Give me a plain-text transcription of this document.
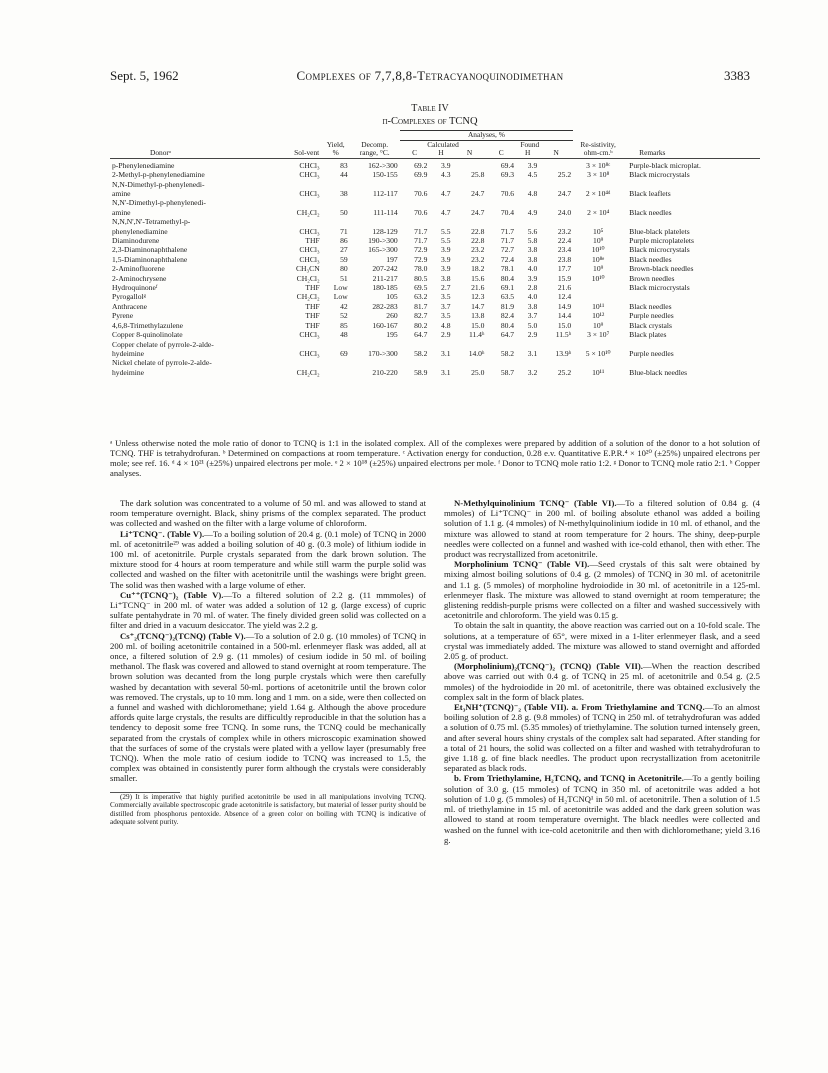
Sept. 5, 1962	Complexes of 7,7,8,8-Tetracyanoquinodimethan	3383
Table IV
π-Complexes of TCNQ
Donorᵃ	Sol-vent	Yield, %	Decomp. range, °C.	Analyses, %						Re-sistivity, ohm-cm.ᵇ	Remarks
				Calculated			Found				
				C	H	N	C	H	N		

p-Phenylenediamine	CHCl₃	83	162->300	69.2	3.9		69.4	3.9		3 × 10⁸ᶜ	Purple-black microplat.
2-Methyl-p-phenylenediamine	CHCl₃	44	150-155	69.9	4.3	25.8	69.3	4.5	25.2	3 × 10⁸	Black microcrystals
N,N-Dimethyl-p-phenylenedi-											
amine	CHCl₃	38	112-117	70.6	4.7	24.7	70.6	4.8	24.7	2 × 10⁴ᵈ	Black leaflets
N,N'-Dimethyl-p-phenylenedi-											
amine	CH₂Cl₂	50	111-114	70.6	4.7	24.7	70.4	4.9	24.0	2 × 10⁴	Black needles
N,N,N',N'-Tetramethyl-p-											
phenylenediamine	CHCl₃	71	128-129	71.7	5.5	22.8	71.7	5.6	23.2	10⁵	Blue-black platelets
Diaminodurene	THF	86	190->300	71.7	5.5	22.8	71.7	5.8	22.4	10⁹	Purple microplatelets
2,3-Diaminonaphthalene	CHCl₃	27	165->300	72.9	3.9	23.2	72.7	3.8	23.4	10¹⁰	Black microcrystals
1,5-Diaminonaphthalene	CHCl₃	59	197	72.9	3.9	23.2	72.4	3.8	23.8	10⁸ᵉ	Black needles
2-Aminofluorene	CH₃CN	80	207-242	78.0	3.9	18.2	78.1	4.0	17.7	10⁹	Brown-black needles
2-Aminochrysene	CH₂Cl₂	51	211-217	80.5	3.8	15.6	80.4	3.9	15.9	10¹⁰	Brown needles
Hydroquinoneᶠ	THF	Low	180-185	69.5	2.7	21.6	69.1	2.8	21.6		Black microcrystals
Pyrogallolᵍ	CH₂Cl₂	Low	105	63.2	3.5	12.3	63.5	4.0	12.4		
Anthracene	THF	42	282-283	81.7	3.7	14.7	81.9	3.8	14.9	10¹¹	Black needles
Pyrene	THF	52	260	82.7	3.5	13.8	82.4	3.7	14.4	10¹²	Purple needles
4,6,8-Trimethylazulene	THF	85	160-167	80.2	4.8	15.0	80.4	5.0	15.0	10⁹	Black crystals
Copper 8-quinolinolate	CHCl₃	48	195	64.7	2.9	11.4ʰ	64.7	2.9	11.5ʰ	3 × 10⁷	Black plates
Copper chelate of pyrrole-2-alde-											
hydeimine	CHCl₃	69	170->300	58.2	3.1	14.0ʰ	58.2	3.1	13.9ʰ	5 × 10¹⁰	Purple needles
Nickel chelate of pyrrole-2-alde-											
hydeimine	CH₂Cl₂		210-220	58.9	3.1	25.0	58.7	3.2	25.2	10¹¹	Blue-black needles
ᵃ Unless otherwise noted the mole ratio of donor to TCNQ is 1:1 in the isolated complex. All of the complexes were prepared by addition of a solution of the donor to a hot solution of TCNQ. THF is tetrahydrofuran. ᵇ Determined on compactions at room temperature. ᶜ Activation energy for conduction, 0.28 e.v. Quantitative E.P.R.⁴ × 10²⁰ (±25%) unpaired electrons per mole; see ref. 16. ᵈ 4 × 10²¹ (±25%) unpaired electrons per mole. ᵉ 2 × 10¹⁸ (±25%) unpaired electrons per mole. ᶠ Donor to TCNQ mole ratio 1:2. ᵍ Donor to TCNQ mole ratio 2:1. ʰ Copper analyses.

The dark solution was concentrated to a volume of 50 ml. and was allowed to stand at room temperature overnight. Black, shiny prisms of the complex separated. The product was collected and washed on the filter with a large volume of chloroform.

Li⁺TCNQ⁻. (Table V).—To a boiling solution of 20.4 g. (0.1 mole) of TCNQ in 2000 ml. of acetonitrile²⁹ was added a boiling solution of 40 g. (0.3 mole) of lithium iodide in 100 ml. of acetonitrile. Purple crystals separated from the dark brown solution. The mixture stood for 4 hours at room temperature and while still warm the purple solid was collected and washed on the filter with acetonitrile until the washings were bright green. The solid was then washed with a large volume of ether.

Cu⁺⁺(TCNQ⁻)₂ (Table V).—To a filtered solution of 2.2 g. (11 mmmoles) of Li⁺TCNQ⁻ in 200 ml. of water was added a solution of 12 g. (large excess) of cupric sulfate pentahydrate in 70 ml. of water. The finely divided green solid was collected on a filter and dried in a vacuum desiccator. The yield was 2.2 g.

Cs⁺₂(TCNQ⁻)₂(TCNQ) (Table V).—To a solution of 2.0 g. (10 mmoles) of TCNQ in 200 ml. of boiling acetonitrile contained in a 500-ml. erlenmeyer flask was added, all at once, a filtered solution of 2.9 g. (11 mmoles) of cesium iodide in 50 ml. of boiling methanol. The flask was covered and allowed to stand overnight at room temperature. The brown solution was decanted from the long purple crystals which were then carefully washed by decantation with several 50-ml. portions of acetonitrile until the brown color was removed. The crystals, up to 10 mm. long and 1 mm. on a side, were then collected on a funnel and washed with dichloromethane; yield 1.64 g. Although the above procedure affords quite large crystals, the results are difficultly reproducible in that the solution has a tendency to deposit some free TCNQ. In some runs, the TCNQ could be mechanically separated from the crystals of complex while in others microscopic examination showed that the surfaces of some of the crystals were plated with a yellow layer (presumably free TCNQ). When the mole ratio of cesium iodide to TCNQ was increased to 1.5, the complex was obtained in consistently purer form although the crystals were considerably smaller.

(29) It is imperative that highly purified acetonitrile be used in all manipulations involving TCNQ. Commercially available spectroscopic grade acetonitrile is satisfactory, but material of lesser purity should be distilled from phosphorus pentoxide. Absence of a green color on boiling with TCNQ is indicative of adequate solvent purity.

N-Methylquinolinium TCNQ⁻ (Table VI).—To a filtered solution of 0.84 g. (4 mmoles) of Li⁺TCNQ⁻ in 200 ml. of boiling absolute ethanol was added a boiling solution of 1.1 g. (4 mmoles) of N-methylquinolinium iodide in 10 ml. of ethanol, and the mixture was allowed to stand at room temperature for 2 hours. The shiny, deep-purple needles were collected on a funnel and washed with ice-cold ethanol, then with ether. The product was recrystallized from acetonitrile.

Morpholinium TCNQ⁻ (Table VI).—Seed crystals of this salt were obtained by mixing almost boiling solutions of 0.4 g. (2 mmoles) of TCNQ in 30 ml. of acetonitrile and 1.1 g. (5 mmoles) of morpholine hydroiodide in 30 ml. of acetonitrile in a 125-ml. erlenmeyer flask. The mixture was allowed to stand overnight at room temperature; the glistening reddish-purple prisms were collected on a filter and washed successively with acetonitrile and chloroform. The yield was 0.15 g.

To obtain the salt in quantity, the above reaction was carried out on a 10-fold scale. The solutions, at a temperature of 65°, were mixed in a 1-liter erlenmeyer flask, and a seed crystal was immediately added. The mixture was allowed to stand overnight and afforded 2.05 g. of product.

(Morpholinium)₂(TCNQ⁻)₂ (TCNQ) (Table VII).—When the reaction described above was carried out with 0.4 g. of TCNQ in 25 ml. of acetonitrile and 0.54 g. (2.5 mmoles) of the hydroiodide in 20 ml. of acetonitrile, there was obtained exclusively the complex salt in the form of black plates.

Et₃NH⁺(TCNQ)⁻₂ (Table VII). a. From Triethylamine and TCNQ.—To an almost boiling solution of 2.8 g. (9.8 mmoles) of TCNQ in 250 ml. of tetrahydrofuran was added a solution of 0.75 ml. (5.35 mmoles) of triethylamine. The solution turned intensely green, and after several hours shiny crystals of the complex salt had separated. After standing for a total of 21 hours, the solid was collected on a filter and washed with tetrahydrofuran to give 1.18 g. of fine black needles. The product upon recrystallization from acetonitrile separated as black rods.

b. From Triethylamine, H₂TCNQ, and TCNQ in Acetonitrile.—To a gently boiling solution of 3.0 g. (15 mmoles) of TCNQ in 350 ml. of acetonitrile was added a hot solution of 1.0 g. (5 mmoles) of H₂TCNQ¹ in 50 ml. of acetonitrile. Then a solution of 1.5 ml. of triethylamine in 15 ml. of acetonitrile was added and the dark green solution was allowed to stand at room temperature overnight. The black needles were collected and washed on the funnel with ice-cold acetonitrile and then with dichloromethane; yield 3.16 g.
